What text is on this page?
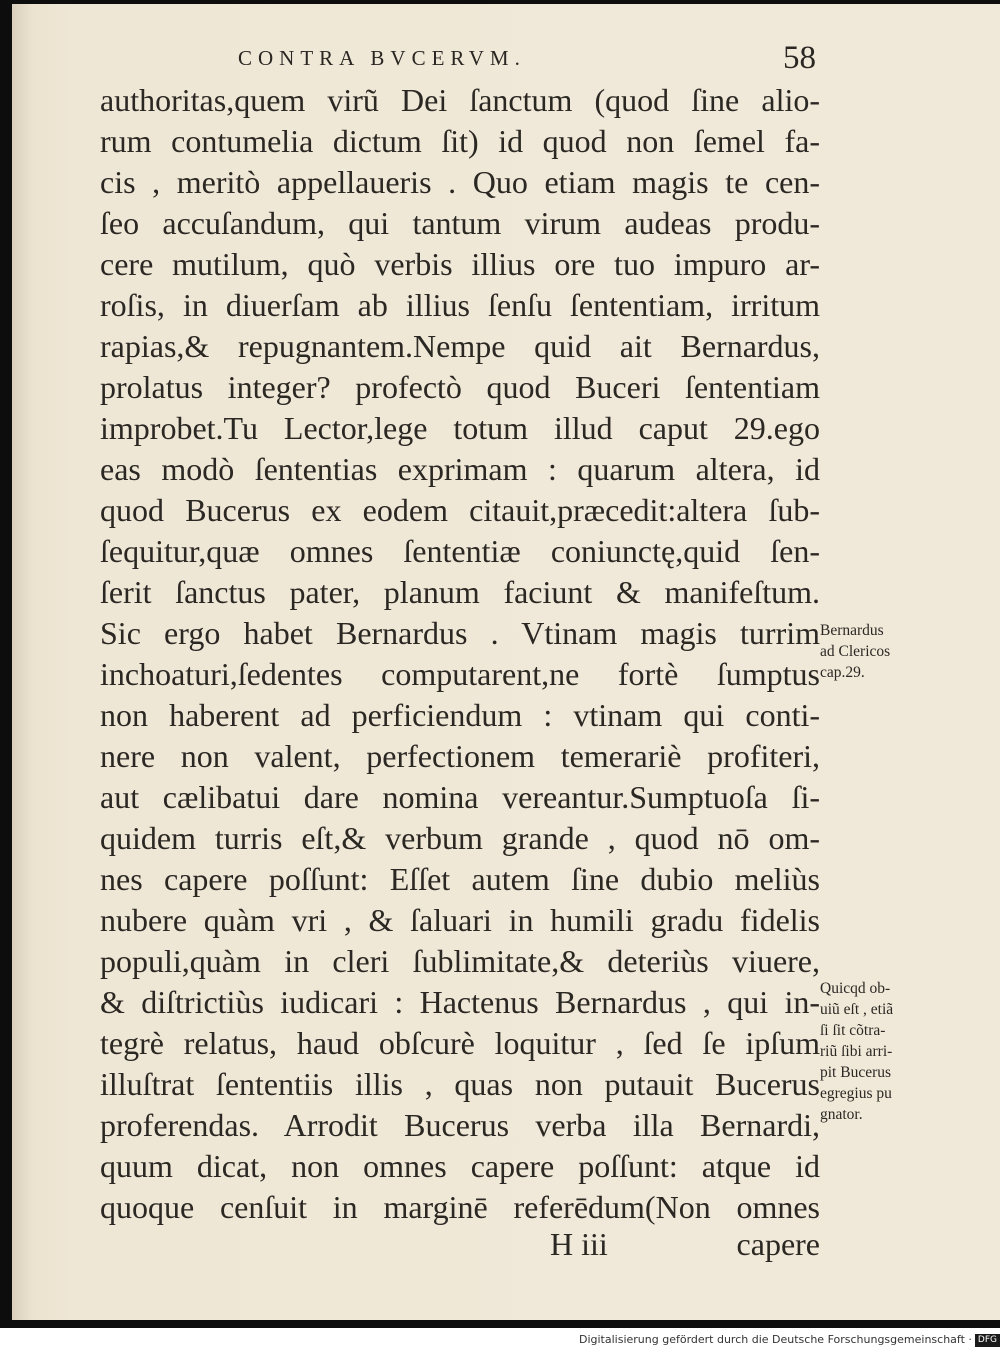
CONTRA BVCERVM.	58
authoritas,quem virũ Dei ſanctum (quod ſine alio-
rum contumelia dictum ſit) id quod non ſemel fa-
cis , meritò appellaueris . Quo etiam magis te cen-
ſeo accuſandum, qui tantum virum audeas produ-
cere mutilum, quò verbis illius ore tuo impuro ar-
roſis, in diuerſam ab illius ſenſu ſententiam, irritum
rapias,& repugnantem.Nempe quid ait Bernardus,
prolatus integer? profectò quod Buceri ſententiam
improbet.Tu Lector,lege totum illud caput 29.ego
eas modò ſententias exprimam : quarum altera, id
quod Bucerus ex eodem citauit,præcedit:altera ſub-
ſequitur,quæ omnes ſententiæ coniunctę,quid ſen-
ſerit ſanctus pater, planum faciunt & manifeſtum.
Sic ergo habet Bernardus . Vtinam magis turrim
inchoaturi,ſedentes computarent,ne fortè ſumptus
non haberent ad perficiendum : vtinam qui conti-
nere non valent, perfectionem temerariè profiteri,
aut cælibatui dare nomina vereantur.Sumptuoſa ſi-
quidem turris eſt,& verbum grande , quod nō om-
nes capere poſſunt: Eſſet autem ſine dubio meliùs
nubere quàm vri , & ſaluari in humili gradu fidelis
populi,quàm in cleri ſublimitate,& deteriùs viuere,
& diſtrictiùs iudicari : Hactenus Bernardus , qui in-
tegrè relatus, haud obſcurè loquitur , ſed ſe ipſum
illuſtrat ſententiis illis , quas non putauit Bucerus
proferendas. Arrodit Bucerus verba illa Bernardi,
quum dicat, non omnes capere poſſunt: atque id
quoque cenſuit in marginē referēdum(Non omnes
Bernardus
ad Clericos
cap.29.
Quicqd ob-
uiũ eſt , etiã
ſi ſit cõtra-
riũ ſibi arri-
pit Bucerus
egregius pu
gnator.
H iii	capere
Digitalisierung gefördert durch die Deutsche Forschungsgemeinschaft · DFG
